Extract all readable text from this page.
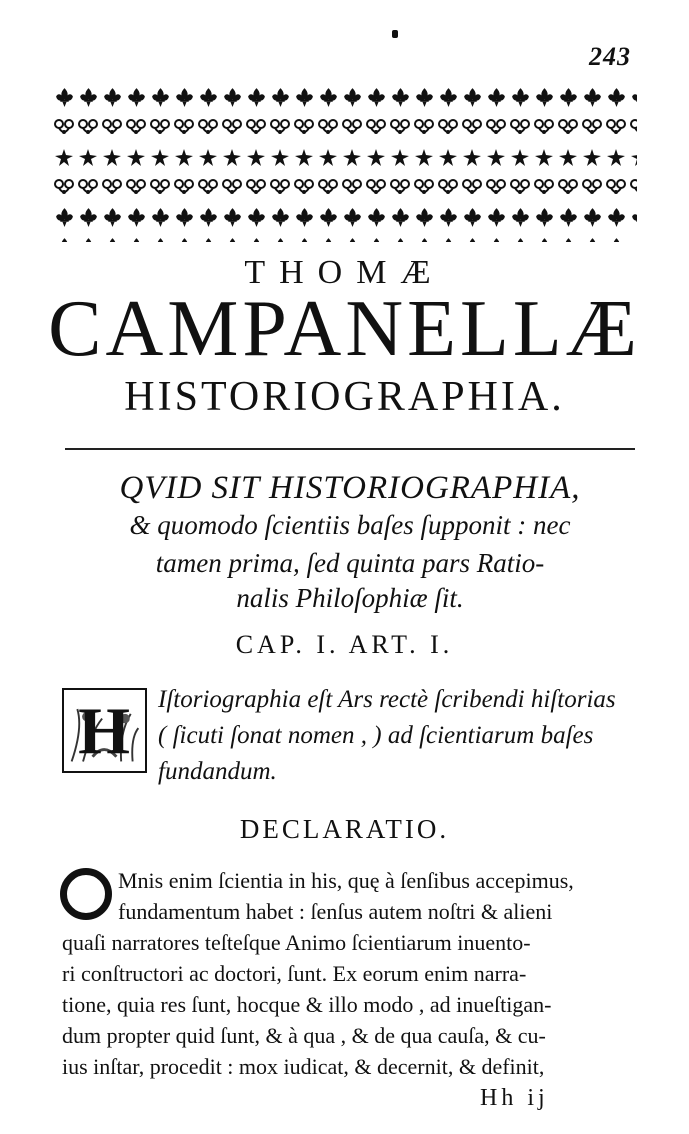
243
THOMÆ
CAMPANELLÆ
HISTORIOGRAPHIA.
QVID SIT HISTORIOGRAPHIA,
& quomodo ſcientiis baſes ſupponit : nec
tamen prima, ſed quinta pars Ratio-
nalis Philoſophiæ ſit.
CAP. I. ART. I.
H Iſtoriographia eſt Ars rectè ſcribendi hiſtorias
( ſicuti ſonat nomen , ) ad ſcientiarum baſes
fundandum.
DECLARATIO.
Mnis enim ſcientia in his, quę à ſenſibus accepimus,
fundamentum habet : ſenſus autem noſtri & alieni
quaſi narratores teſteſque Animo ſcientiarum inuento-
ri conſtructori ac doctori, ſunt. Ex eorum enim narra-
tione, quia res ſunt, hocque & illo modo , ad inueſtigan-
dum propter quid ſunt, & à qua , & de qua cauſa, & cu-
ius inſtar, procedit : mox iudicat, & decernit, & definit,
Hh ij
